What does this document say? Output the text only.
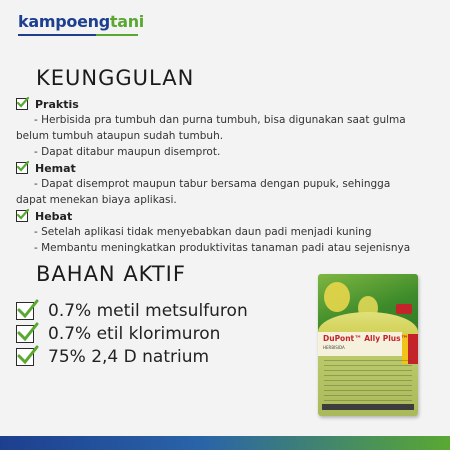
kampoengtani
KEUNGGULAN
Praktis
- Herbisida pra tumbuh dan purna tumbuh, bisa digunakan saat gulma
belum tumbuh ataupun sudah tumbuh.
- Dapat ditabur maupun disemprot.
Hemat
- Dapat disemprot maupun tabur bersama dengan pupuk, sehingga
dapat menekan biaya aplikasi.
Hebat
- Setelah aplikasi tidak menyebabkan daun padi menjadi kuning
- Membantu meningkatkan produktivitas tanaman padi atau sejenisnya
BAHAN AKTIF
0.7% metil metsulfuron
0.7% etil klorimuron
75% 2,4 D natrium
DuPont™ Ally Plus™
HERBISIDA
